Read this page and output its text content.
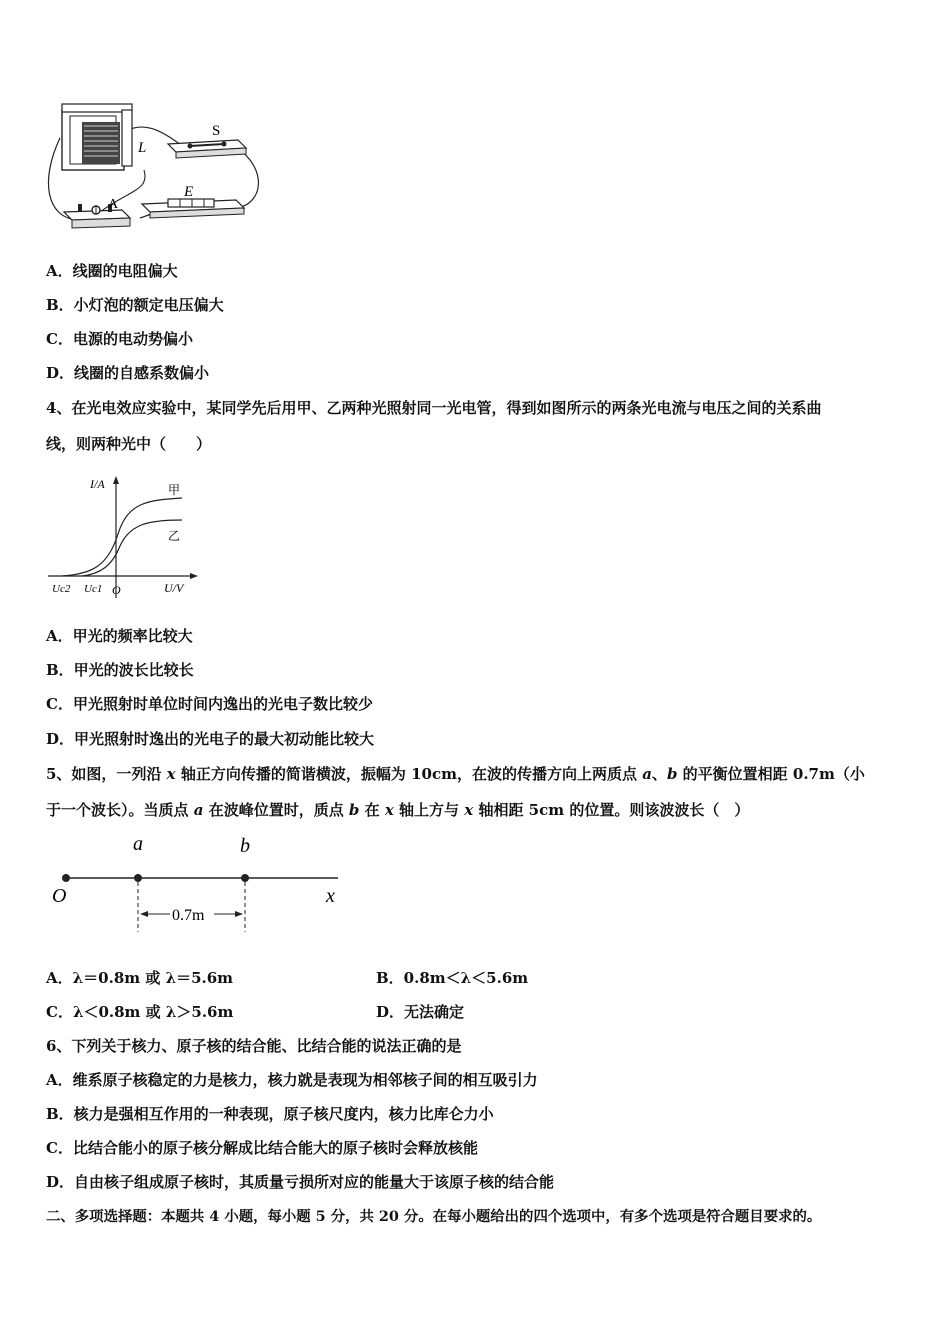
S
L
E
A
A．线圈的电阻偏大
B．小灯泡的额定电压偏大
C．电源的电动势偏小
D．线圈的自感系数偏小
4、在光电效应实验中，某同学先后用甲、乙两种光照射同一光电管，得到如图所示的两条光电流与电压之间的关系曲
线，则两种光中（　　）
I/A	甲
乙
Uc2 Uc1 O	U/V
A．甲光的频率比较大
B．甲光的波长比较长
C．甲光照射时单位时间内逸出的光电子数比较少
D．甲光照射时逸出的光电子的最大初动能比较大
5、如图，一列沿 x 轴正方向传播的简谐横波，振幅为 10cm，在波的传播方向上两质点 a、b 的平衡位置相距 0.7m（小
于一个波长）。当质点 a 在波峰位置时，质点 b 在 x 轴上方与 x 轴相距 5cm 的位置。则该波波长（　）
a	b
O	x
0.7m
A．λ＝0.8m 或 λ＝5.6m	B．0.8m＜λ＜5.6m
C．λ＜0.8m 或 λ＞5.6m	D．无法确定
6、下列关于核力、原子核的结合能、比结合能的说法正确的是
A．维系原子核稳定的力是核力，核力就是表现为相邻核子间的相互吸引力
B．核力是强相互作用的一种表现，原子核尺度内，核力比库仑力小
C．比结合能小的原子核分解成比结合能大的原子核时会释放核能
D．自由核子组成原子核时，其质量亏损所对应的能量大于该原子核的结合能
二、多项选择题：本题共 4 小题，每小题 5 分，共 20 分。在每小题给出的四个选项中，有多个选项是符合题目要求的。
